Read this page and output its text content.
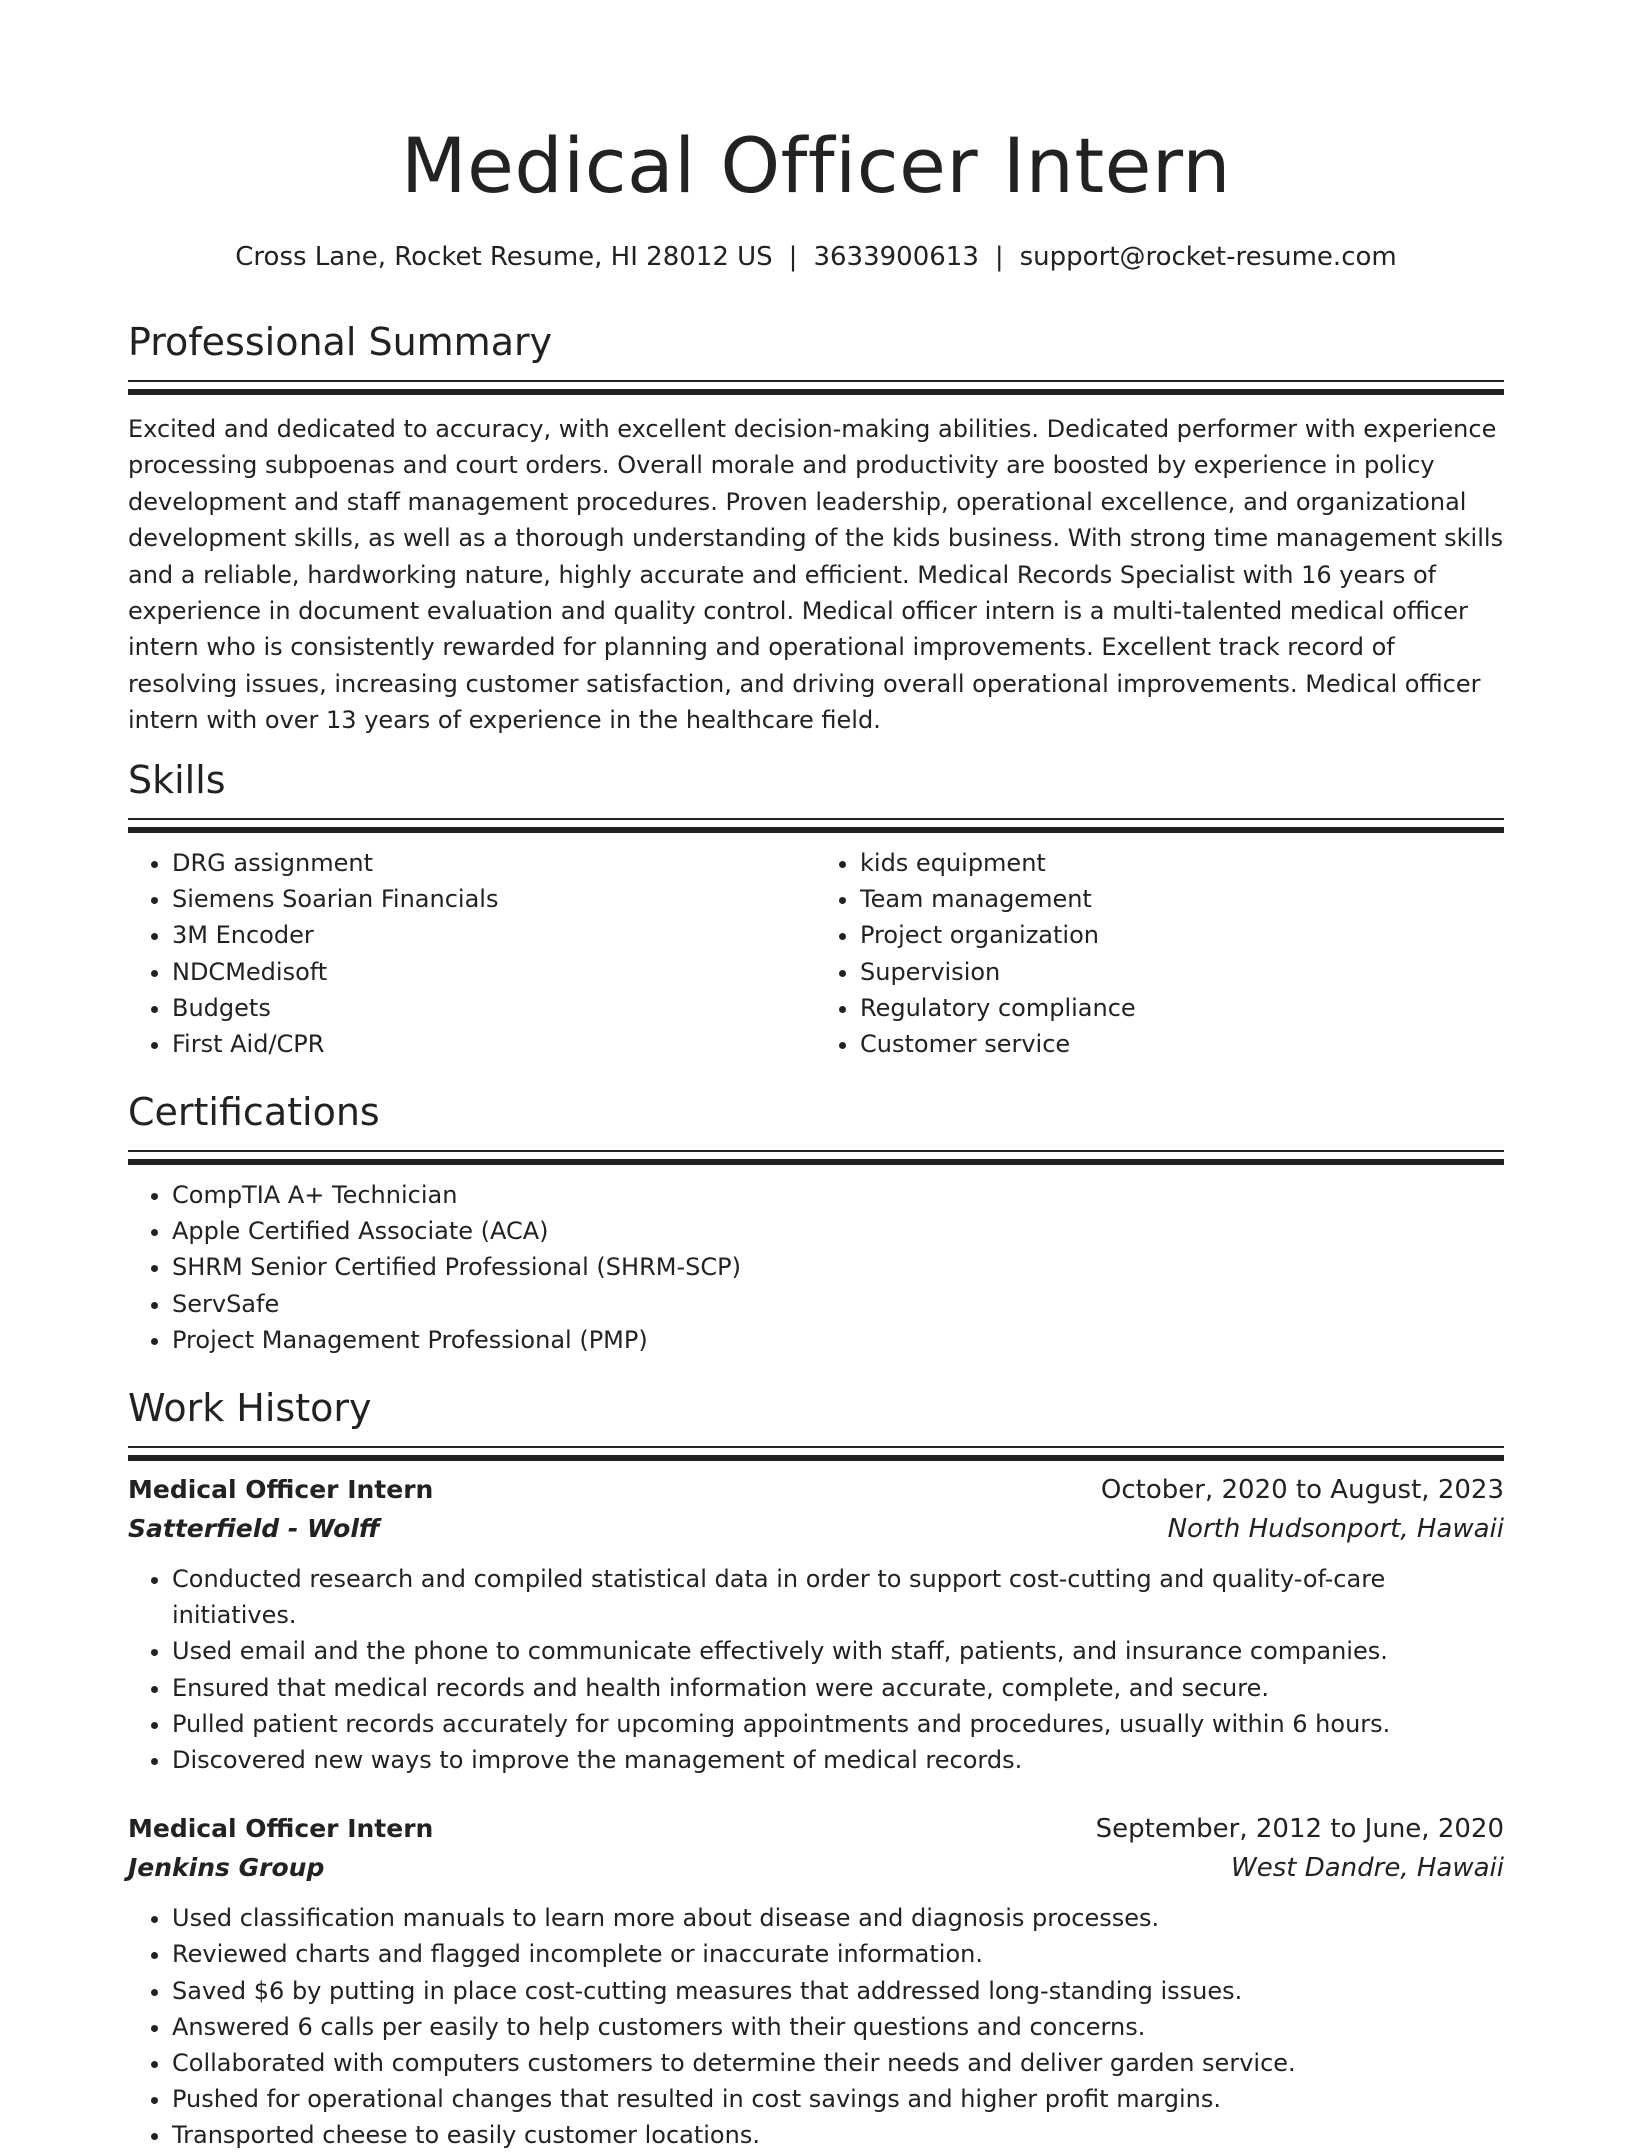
Medical Officer Intern
Cross Lane, Rocket Resume, HI 28012 US | 3633900613 | support@rocket-resume.com
Professional Summary

Excited and dedicated to accuracy, with excellent decision-making abilities. Dedicated performer with experience processing subpoenas and court orders. Overall morale and productivity are boosted by experience in policy development and staff management procedures. Proven leadership, operational excellence, and organizational development skills, as well as a thorough understanding of the kids business. With strong time management skills and a reliable, hardworking nature, highly accurate and efficient. Medical Records Specialist with 16 years of experience in document evaluation and quality control. Medical officer intern is a multi-talented medical officer intern who is consistently rewarded for planning and operational improvements. Excellent track record of resolving issues, increasing customer satisfaction, and driving overall operational improvements. Medical officer intern with over 13 years of experience in the healthcare field.

Skills
• DRG assignment
• Siemens Soarian Financials
• 3M Encoder
• NDCMedisoft
• Budgets
• First Aid/CPR
• kids equipment
• Team management
• Project organization
• Supervision
• Regulatory compliance
• Customer service
Certifications
• CompTIA A+ Technician
• Apple Certified Associate (ACA)
• SHRM Senior Certified Professional (SHRM-SCP)
• ServSafe
• Project Management Professional (PMP)
Work History
Medical Officer Intern	October, 2020 to August, 2023
Satterfield - Wolff	North Hudsonport, Hawaii
• Conducted research and compiled statistical data in order to support cost-cutting and quality-of-care initiatives.
• Used email and the phone to communicate effectively with staff, patients, and insurance companies.
• Ensured that medical records and health information were accurate, complete, and secure.
• Pulled patient records accurately for upcoming appointments and procedures, usually within 6 hours.
• Discovered new ways to improve the management of medical records.
Medical Officer Intern	September, 2012 to June, 2020
Jenkins Group	West Dandre, Hawaii
• Used classification manuals to learn more about disease and diagnosis processes.
• Reviewed charts and flagged incomplete or inaccurate information.
• Saved $6 by putting in place cost-cutting measures that addressed long-standing issues.
• Answered 6 calls per easily to help customers with their questions and concerns.
• Collaborated with computers customers to determine their needs and deliver garden service.
• Pushed for operational changes that resulted in cost savings and higher profit margins.
• Transported cheese to easily customer locations.
